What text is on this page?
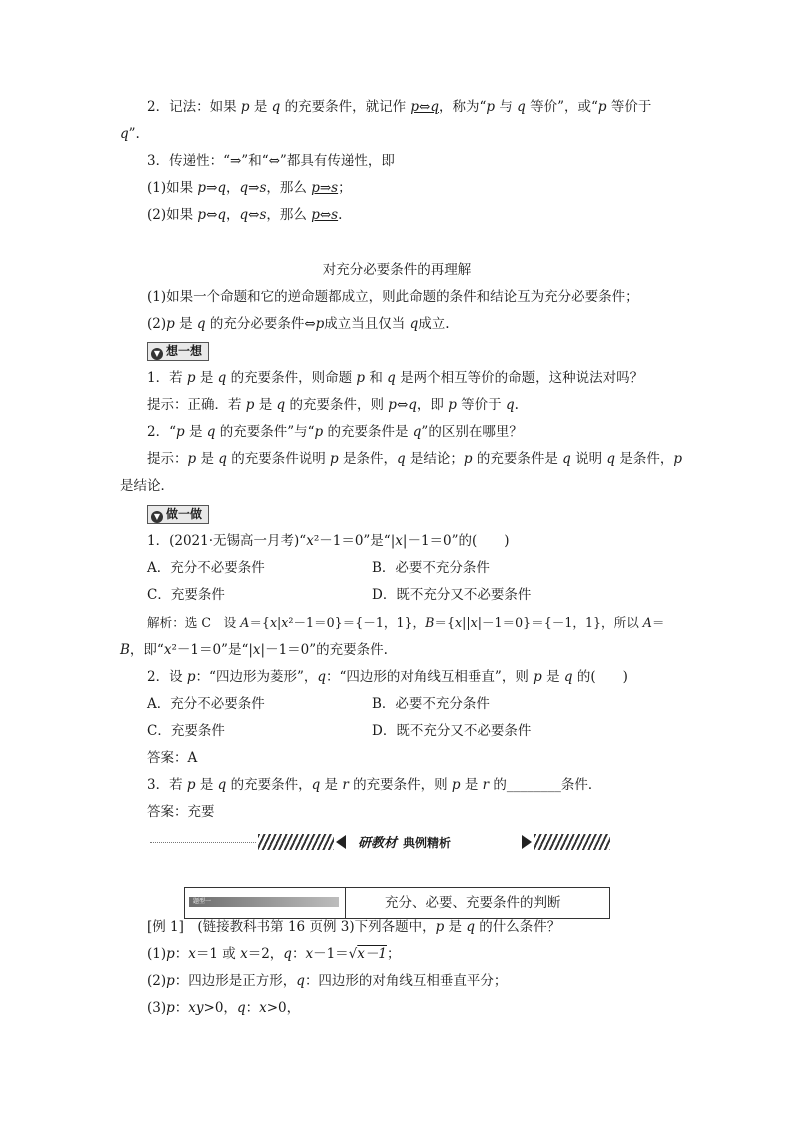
2．记法：如果 p 是 q 的充要条件，就记作 p⇔q，称为“p 与 q 等价”，或“p 等价于
q”.
3．传递性：“⇒”和“⇔”都具有传递性，即
(1)如果 p⇒q，q⇒s，那么 p⇒s；
(2)如果 p⇔q，q⇔s，那么 p⇔s.
对充分必要条件的再理解
(1)如果一个命题和它的逆命题都成立，则此命题的条件和结论互为充分必要条件；
(2)p 是 q 的充分必要条件⇔p成立当且仅当 q成立.
▼ 想一想
1．若 p 是 q 的充要条件，则命题 p 和 q 是两个相互等价的命题，这种说法对吗？
提示：正确．若 p 是 q 的充要条件，则 p⇔q，即 p 等价于 q.
2．“p 是 q 的充要条件”与“p 的充要条件是 q”的区别在哪里？
提示：p 是 q 的充要条件说明 p 是条件，q 是结论；p 的充要条件是 q 说明 q 是条件，p
是结论．
▼ 做一做
1．(2021·无锡高一月考)“x²－1＝0”是“|x|－1＝0”的(　　)
A．充分不必要条件	B．必要不充分条件
C．充要条件	D．既不充分又不必要条件
解析：选 C　设 A＝{x|x²－1＝0}＝{－1，1}，B＝{x||x|－1＝0}＝{－1，1}，所以 A＝
B，即“x²－1＝0”是“|x|－1＝0”的充要条件.
2．设 p：“四边形为菱形”，q：“四边形的对角线互相垂直”，则 p 是 q 的(　　)
A．充分不必要条件	B．必要不充分条件
C．充要条件	D．既不充分又不必要条件
答案：A
3．若 p 是 q 的充要条件，q 是 r 的充要条件，则 p 是 r 的________条件．
答案：充要
研教材 典例精析
题型一	充分、必要、充要条件的判断
[例 1]　(链接教科书第 16 页例 3)下列各题中，p 是 q 的什么条件？
(1)p：x＝1 或 x＝2，q：x－1＝√x－1；
(2)p：四边形是正方形，q：四边形的对角线互相垂直平分；
(3)p：xy>0，q：x>0，
